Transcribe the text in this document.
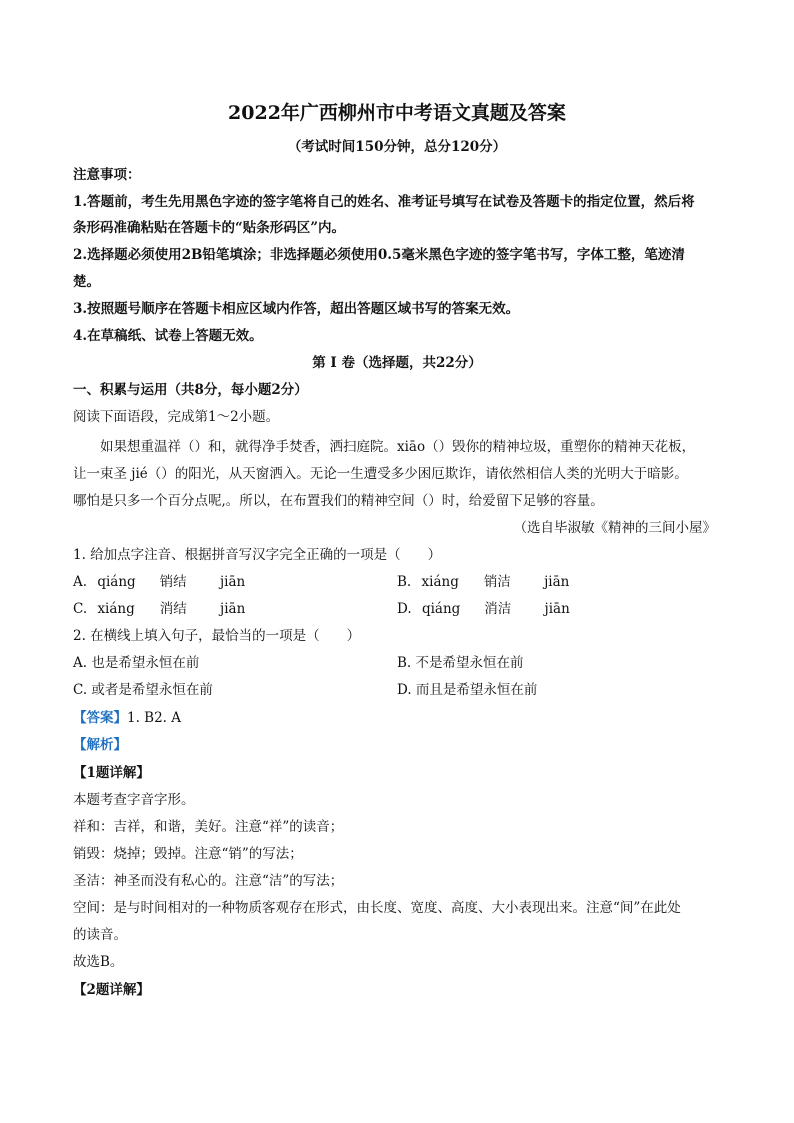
2022年广西柳州市中考语文真题及答案
（考试时间150分钟，总分120分）
注意事项：
1.答题前，考生先用黑色字迹的签字笔将自己的姓名、准考证号填写在试卷及答题卡的指定位置，然后将
条形码准确粘贴在答题卡的“贴条形码区”内。
2.选择题必须使用2B铅笔填涂；非选择题必须使用0.5毫米黑色字迹的签字笔书写，字体工整，笔迹清
楚。
3.按照题号顺序在答题卡相应区域内作答，超出答题区域书写的答案无效。
4.在草稿纸、试卷上答题无效。
第 Ⅰ 卷（选择题，共22分）
一、积累与运用（共8分，每小题2分）
阅读下面语段，完成第1～2小题。
如果想重温祥（）和，就得净手焚香，洒扫庭院。xiāo（）毁你的精神垃圾，重塑你的精神天花板，
让一束圣 jié（）的阳光，从天窗洒入。无论一生遭受多少困厄欺诈，请依然相信人类的光明大于暗影。
哪怕是只多一个百分点呢,。所以，在布置我们的精神空间（）时，给爱留下足够的容量。
（选自毕淑敏《精神的三间小屋》
1. 给加点字注音、根据拼音写汉字完全正确的一项是（　　）
A. qiáng 销结 jiān	B. xiáng 销洁 jiān
C. xiáng 消结 jiān	D. qiáng 消洁 jiān
2. 在横线上填入句子，最恰当的一项是（　　）
A. 也是希望永恒在前	B. 不是希望永恒在前
C. 或者是希望永恒在前	D. 而且是希望永恒在前
【答案】1. B2. A
【解析】
【1题详解】
本题考查字音字形。
祥和：吉祥，和谐，美好。注意“祥”的读音；
销毁：烧掉；毁掉。注意“销”的写法；
圣洁：神圣而没有私心的。注意“洁”的写法；
空间：是与时间相对的一种物质客观存在形式，由长度、宽度、高度、大小表现出来。注意“间”在此处
的读音。
故选B。
【2题详解】
